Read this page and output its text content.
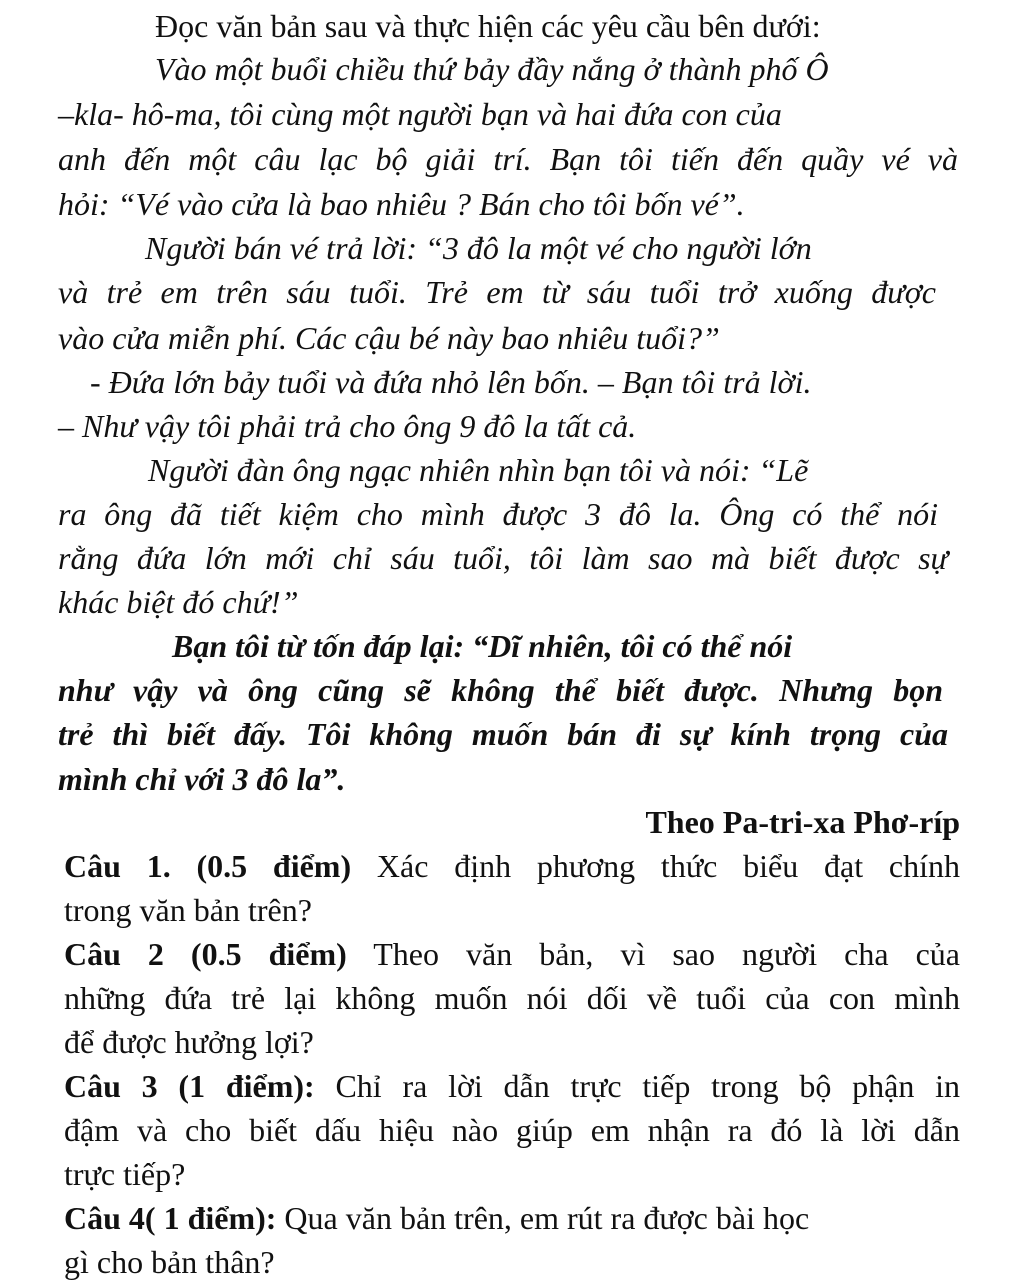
Đọc văn bản sau và thực hiện các yêu cầu bên dưới:
Vào một buổi chiều thứ bảy đầy nắng ở thành phố Ô
–kla- hô-ma, tôi cùng một người bạn và hai đứa con của
anh đến một câu lạc bộ giải trí. Bạn tôi tiến đến quầy vé và
hỏi: “Vé vào cửa là bao nhiêu ? Bán cho tôi bốn vé”.
Người bán vé trả lời: “3 đô la một vé cho người lớn
và trẻ em trên sáu tuổi. Trẻ em từ sáu tuổi trở xuống được
vào cửa miễn phí. Các cậu bé này bao nhiêu tuổi?”
- Đứa lớn bảy tuổi và đứa nhỏ lên bốn. – Bạn tôi trả lời.
– Như vậy tôi phải trả cho ông 9 đô la tất cả.
Người đàn ông ngạc nhiên nhìn bạn tôi và nói: “Lẽ
ra ông đã tiết kiệm cho mình được 3 đô la. Ông có thể nói
rằng đứa lớn mới chỉ sáu tuổi, tôi làm sao mà biết được sự
khác biệt đó chứ!”
Bạn tôi từ tốn đáp lại: “Dĩ nhiên, tôi có thể nói
như vậy và ông cũng sẽ không thể biết được. Nhưng bọn
trẻ thì biết đấy. Tôi không muốn bán đi sự kính trọng của
mình chỉ với 3 đô la”.
Theo Pa-tri-xa Phơ-ríp
Câu 1. (0.5 điểm) Xác định phương thức biểu đạt chính
trong văn bản trên?
Câu 2 (0.5 điểm) Theo văn bản, vì sao người cha của
những đứa trẻ lại không muốn nói dối về tuổi của con mình
để được hưởng lợi?
Câu 3 (1 điểm): Chỉ ra lời dẫn trực tiếp trong bộ phận in
đậm và cho biết dấu hiệu nào giúp em nhận ra đó là lời dẫn
trực tiếp?
Câu 4( 1 điểm): Qua văn bản trên, em rút ra được bài học
gì cho bản thân?
